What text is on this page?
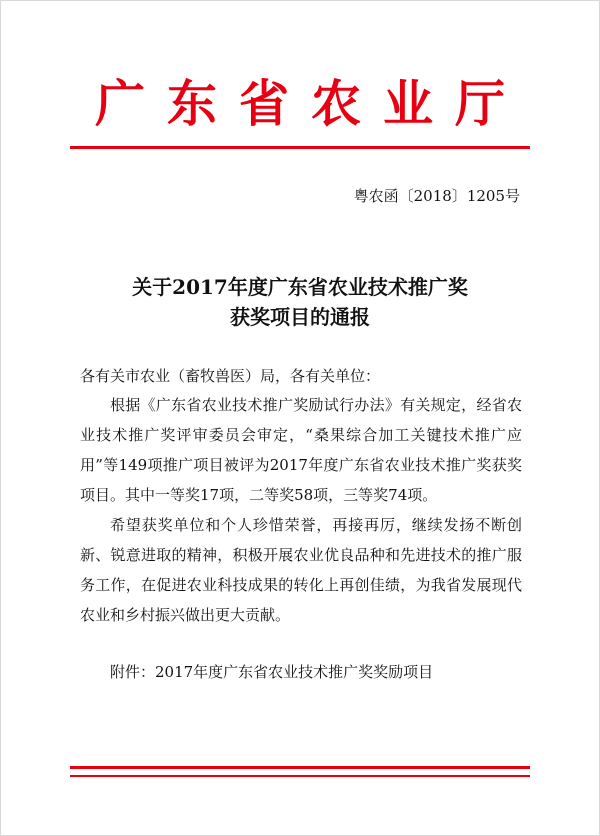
广东省农业厅
粤农函〔2018〕1205号
关于2017年度广东省农业技术推广奖
获奖项目的通报
各有关市农业（畜牧兽医）局，各有关单位：
根据《广东省农业技术推广奖励试行办法》有关规定，经省农业技术推广奖评审委员会审定，“桑果综合加工关键技术推广应用”等149项推广项目被评为2017年度广东省农业技术推广奖获奖项目。其中一等奖17项，二等奖58项，三等奖74项。
希望获奖单位和个人珍惜荣誉，再接再厉，继续发扬不断创新、锐意进取的精神，积极开展农业优良品种和先进技术的推广服务工作，在促进农业科技成果的转化上再创佳绩，为我省发展现代农业和乡村振兴做出更大贡献。
附件：2017年度广东省农业技术推广奖奖励项目
